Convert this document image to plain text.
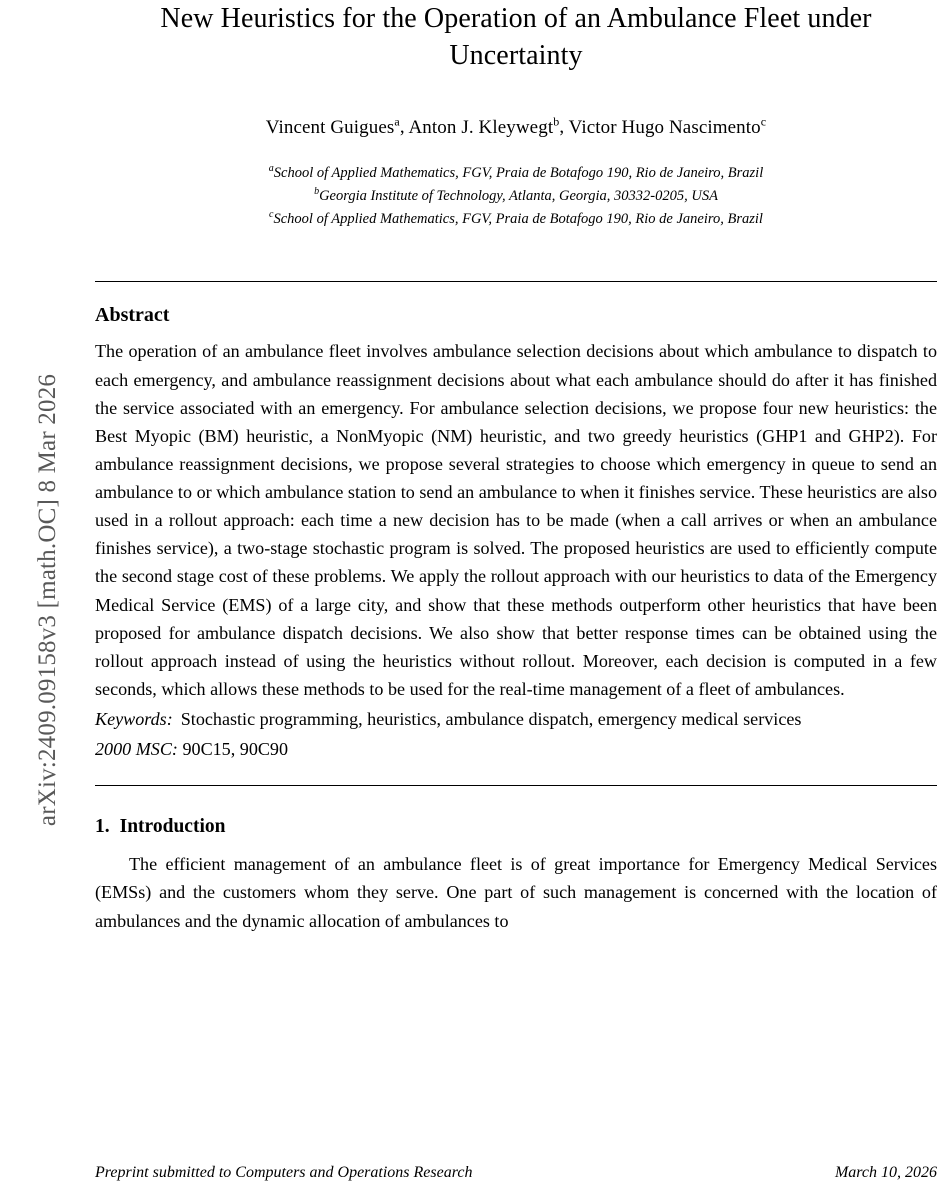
arXiv:2409.09158v3 [math.OC] 8 Mar 2026
New Heuristics for the Operation of an Ambulance Fleet under Uncertainty
Vincent Guigues$^a$, Anton J. Kleywegt$^b$, Victor Hugo Nascimento$^c$
$^a$School of Applied Mathematics, FGV, Praia de Botafogo 190, Rio de Janeiro, Brazil
$^b$Georgia Institute of Technology, Atlanta, Georgia, 30332-0205, USA
$^c$School of Applied Mathematics, FGV, Praia de Botafogo 190, Rio de Janeiro, Brazil
Abstract

The operation of an ambulance fleet involves ambulance selection decisions about which ambulance to dispatch to each emergency, and ambulance reassignment decisions about what each ambulance should do after it has finished the service associated with an emergency. For ambulance selection decisions, we propose four new heuristics: the Best Myopic (BM) heuristic, a NonMyopic (NM) heuristic, and two greedy heuristics (GHP1 and GHP2). For ambulance reassignment decisions, we propose several strategies to choose which emergency in queue to send an ambulance to or which ambulance station to send an ambulance to when it finishes service. These heuristics are also used in a rollout approach: each time a new decision has to be made (when a call arrives or when an ambulance finishes service), a two-stage stochastic program is solved. The proposed heuristics are used to efficiently compute the second stage cost of these problems. We apply the rollout approach with our heuristics to data of the Emergency Medical Service (EMS) of a large city, and show that these methods outperform other heuristics that have been proposed for ambulance dispatch decisions. We also show that better response times can be obtained using the rollout approach instead of using the heuristics without rollout. Moreover, each decision is computed in a few seconds, which allows these methods to be used for the real-time management of a fleet of ambulances.

Keywords: Stochastic programming, heuristics, ambulance dispatch, emergency medical services
2000 MSC: 90C15, 90C90
1. Introduction

The efficient management of an ambulance fleet is of great importance for Emergency Medical Services (EMSs) and the customers whom they serve. One part of such management is concerned with the location of ambulances and the dynamic allocation of ambulances to

Preprint submitted to Computers and Operations Research	March 10, 2026
